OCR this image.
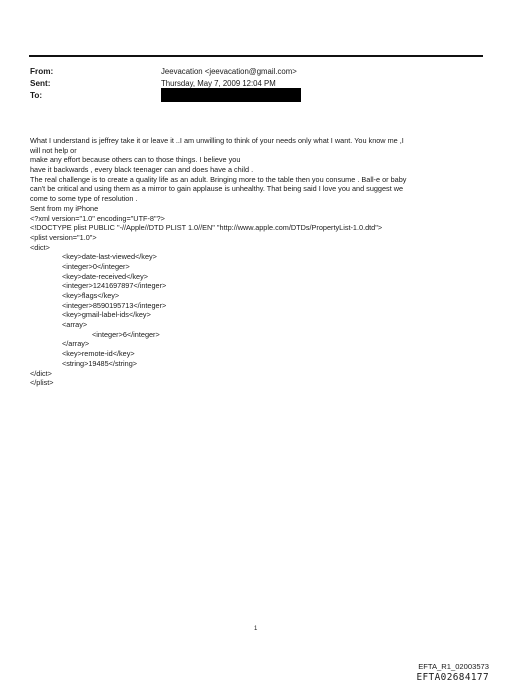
From:	Jeevacation <jeevacation@gmail.com>
Sent:	Thursday, May 7, 2009 12:04 PM
To:
What I understand is jeffrey take it or leave it ..I am unwilling to think of your needs only what I want. You know me ,I
will not help or
make any effort because others can to those things. I believe you
have it backwards , every black teenager can and does have a child .
The real challenge is to create a quality life as an adult. Bringing more to the table then you consume . Ball-e or baby
can't be critical and using them as a mirror to gain applause is unhealthy. That being said I love you and suggest we
come to some type of resolution .
Sent from my iPhone
<?xml version="1.0" encoding="UTF-8"?>
<!DOCTYPE plist PUBLIC "-//Apple//DTD PLIST 1.0//EN" "http://www.apple.com/DTDs/PropertyList-1.0.dtd">
<plist version="1.0">
<dict>
<key>date-last-viewed</key>
<integer>0</integer>
<key>date-received</key>
<integer>1241697897</integer>
<key>flags</key>
<integer>8590195713</integer>
<key>gmail-label-ids</key>
<array>
<integer>6</integer>
</array>
<key>remote-id</key>
<string>19485</string>
</dict>
</plist>
1
EFTA_R1_02003573
EFTA02684177
